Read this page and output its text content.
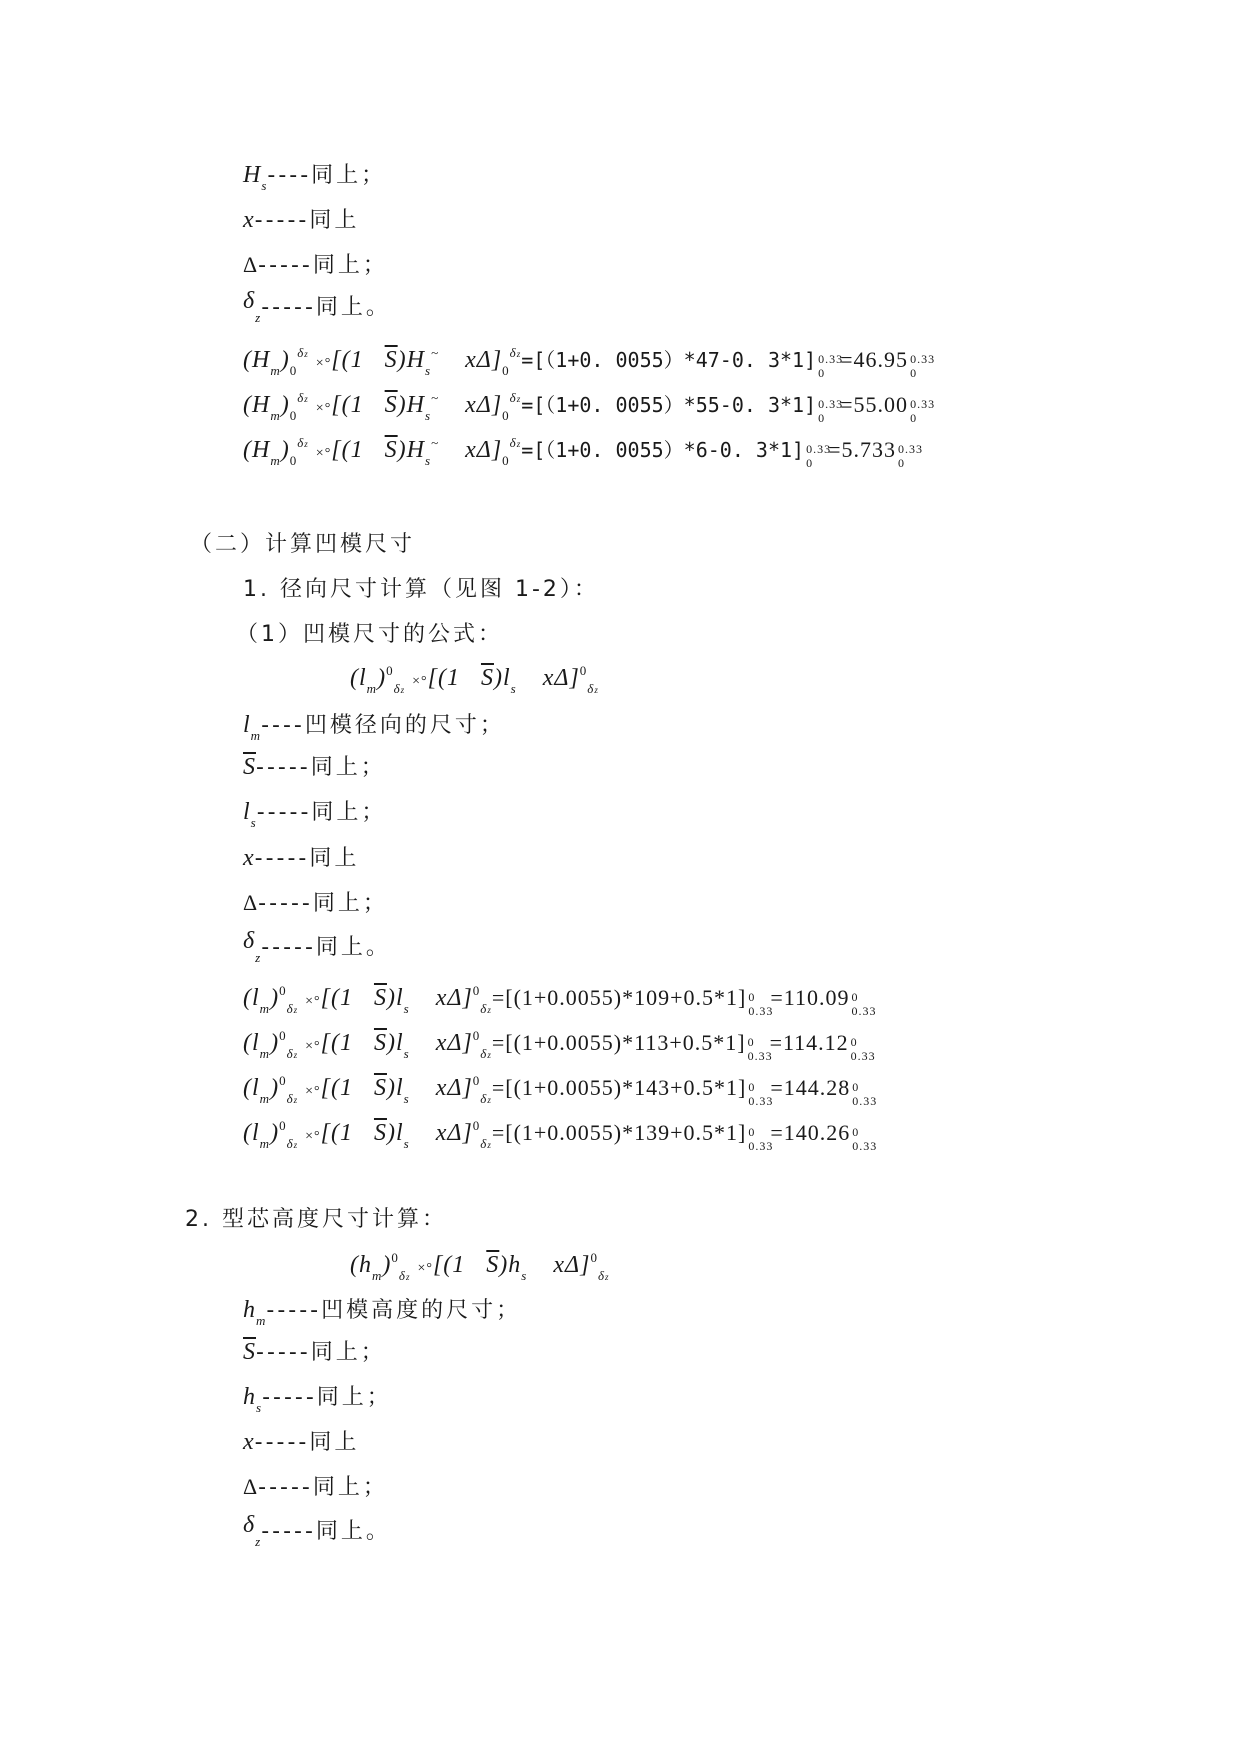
$H_s----$同上；
x-----同上
Δ-----同上；
$\delta_z-----$同上。
$(H_m)_0^{\delta z} \times^\circ[(1$ $\overline{S})H_s^\sim$ $x\Delta]_0^{\delta z}=[(1+0$. 0055）*47-0. 3*1] 0.33
0
=46.95 0.33
0
$(H_m)_0^{\delta z} \times^\circ[(1$ $\overline{S})H_s^\sim$ $x\Delta]_0^{\delta z}=[(1+0$. 0055）*55-0. 3*1] 0.33
0
=55.00 0.33
0
$(H_m)_0^{\delta z} \times^\circ[(1$ $\overline{S})H_s^\sim$ $x\Delta]_0^{\delta z}=[(1+0$. 0055）*6-0. 3*1] 0.33
0
=5.733 0.33
0
（二）计算凹模尺寸
1. 径向尺寸计算（见图 1-2）：
（1）凹模尺寸的公式：
$(l_m)^0_{\delta z} \times^\circ[(1$ $\overline{S})l_s$ xΔ]$^0_{\delta z}$
$l_m----$凹模径向的尺寸；
$\overline{S}-----$同上；
$l_s-----$同上；
x-----同上
Δ-----同上；
$\delta_z-----$同上。
$(l_m)^0_{\delta z} \times^\circ[(1$ $\overline{S})l_s$ xΔ]$^0_{\delta z}$=[(1+0.0055)*109+0.5*1] 0
0.33
=110.09 0
0.33
$(l_m)^0_{\delta z} \times^\circ[(1$ $\overline{S})l_s$ xΔ]$^0_{\delta z}$=[(1+0.0055)*113+0.5*1] 0
0.33
=114.12 0
0.33
$(l_m)^0_{\delta z} \times^\circ[(1$ $\overline{S})l_s$ xΔ]$^0_{\delta z}$=[(1+0.0055)*143+0.5*1] 0
0.33
=144.28 0
0.33
$(l_m)^0_{\delta z} \times^\circ[(1$ $\overline{S})l_s$ xΔ]$^0_{\delta z}$=[(1+0.0055)*139+0.5*1] 0
0.33
=140.26 0
0.33
2. 型芯高度尺寸计算：
$(h_m)^0_{\delta z} \times^\circ[(1$ $\overline{S})h_s$ xΔ]$^0_{\delta z}$
$h_m-----$凹模高度的尺寸；
$\overline{S}-----$同上；
$h_s-----$同上；
x-----同上
Δ-----同上；
$\delta_z-----$同上。
